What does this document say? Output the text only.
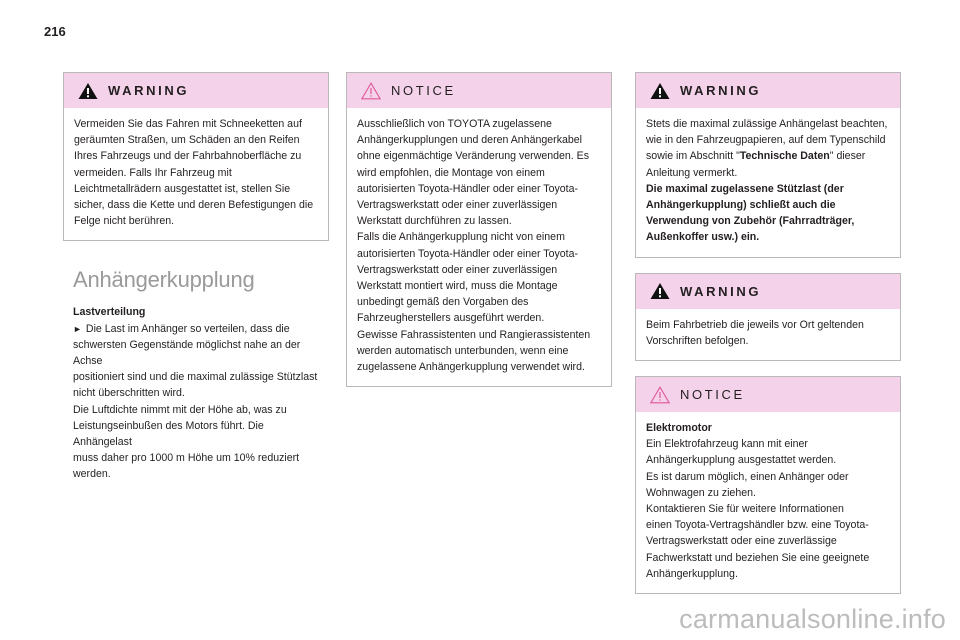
216
WARNING

Vermeiden Sie das Fahren mit Schneeketten auf

geräumten Straßen, um Schäden an den Reifen

Ihres Fahrzeugs und der Fahrbahnoberfläche zu

vermeiden. Falls Ihr Fahrzeug mit

Leichtmetallrädern ausgestattet ist, stellen Sie

sicher, dass die Kette und deren Befestigungen die

Felge nicht berühren.

Anhängerkupplung

Lastverteilung

► Die Last im Anhänger so verteilen, dass die

schwersten Gegenstände möglichst nahe an der Achse

positioniert sind und die maximal zulässige Stützlast

nicht überschritten wird.

Die Luftdichte nimmt mit der Höhe ab, was zu

Leistungseinbußen des Motors führt. Die Anhängelast

muss daher pro 1000 m Höhe um 10% reduziert

werden.

NOTICE

Ausschließlich von TOYOTA zugelassene

Anhängerkupplungen und deren Anhängerkabel

ohne eigenmächtige Veränderung verwenden. Es

wird empfohlen, die Montage von einem

autorisierten Toyota-Händler oder einer Toyota-

Vertragswerkstatt oder einer zuverlässigen

Werkstatt durchführen zu lassen.

Falls die Anhängerkupplung nicht von einem

autorisierten Toyota-Händler oder einer Toyota-

Vertragswerkstatt oder einer zuverlässigen

Werkstatt montiert wird, muss die Montage

unbedingt gemäß den Vorgaben des

Fahrzeugherstellers ausgeführt werden.

Gewisse Fahrassistenten und Rangierassistenten

werden automatisch unterbunden, wenn eine

zugelassene Anhängerkupplung verwendet wird.

WARNING

Stets die maximal zulässige Anhängelast beachten,

wie in den Fahrzeugpapieren, auf dem Typenschild

sowie im Abschnitt "Technische Daten" dieser

Anleitung vermerkt.

Die maximal zugelassene Stützlast (der

Anhängerkupplung) schließt auch die

Verwendung von Zubehör (Fahrradträger,

Außenkoffer usw.) ein.

WARNING

Beim Fahrbetrieb die jeweils vor Ort geltenden

Vorschriften befolgen.

NOTICE

Elektromotor

Ein Elektrofahrzeug kann mit einer

Anhängerkupplung ausgestattet werden.

Es ist darum möglich, einen Anhänger oder

Wohnwagen zu ziehen.

Kontaktieren Sie für weitere Informationen

einen Toyota-Vertragshändler bzw. eine Toyota-

Vertragswerkstatt oder eine zuverlässige

Fachwerkstatt und beziehen Sie eine geeignete

Anhängerkupplung.

carmanualsonline.info
